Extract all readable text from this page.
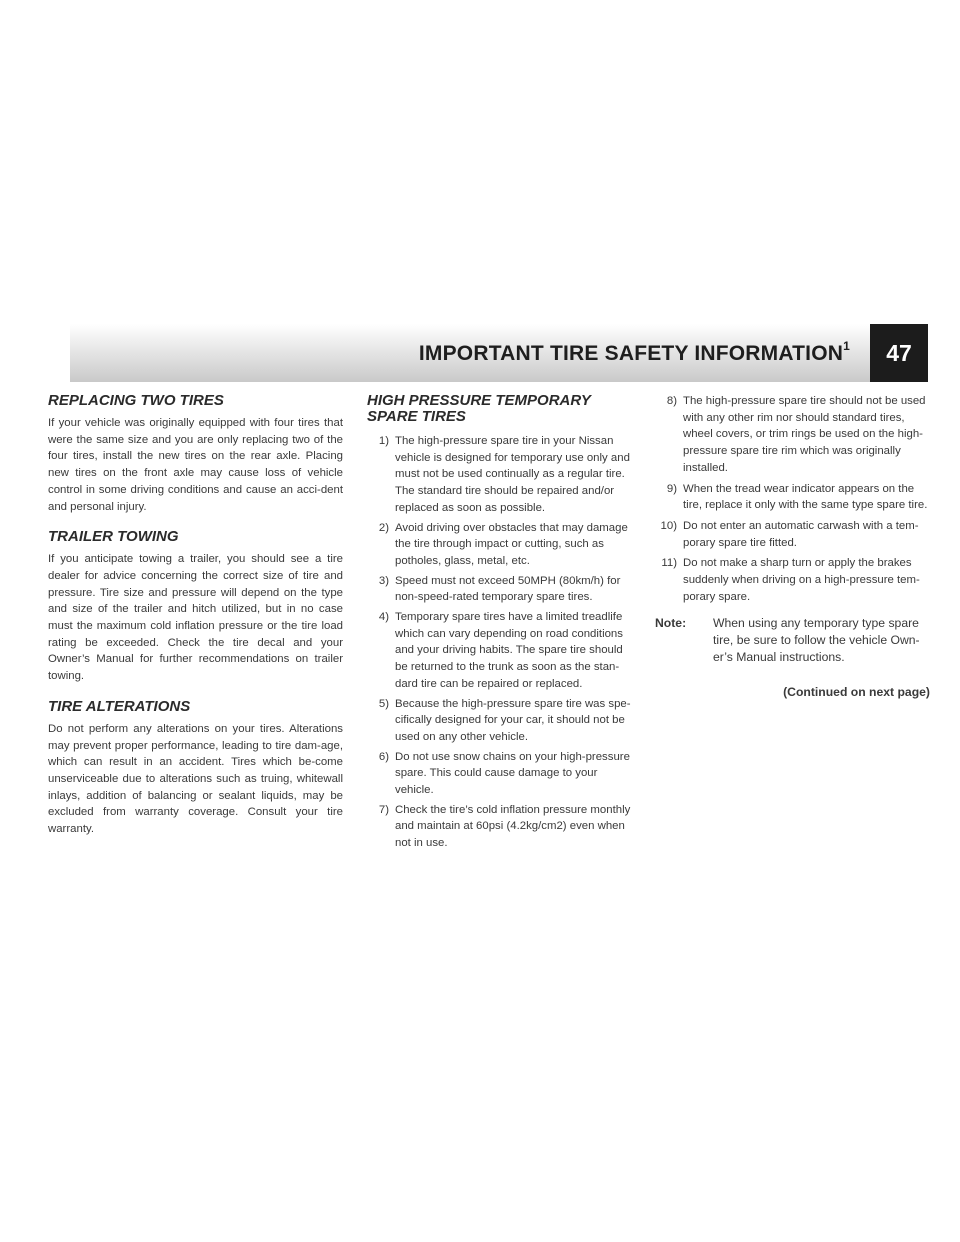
IMPORTANT TIRE SAFETY INFORMATION$^1$	47
REPLACING TWO TIRES

If your vehicle was originally equipped with four tires that were the same size and you are only replacing two of the four tires, install the new tires on the rear axle. Placing new tires on the front axle may cause loss of vehicle control in some driving conditions and cause an acci-dent and personal injury.

TRAILER TOWING

If you anticipate towing a trailer, you should see a tire dealer for advice concerning the correct size of tire and pressure. Tire size and pressure will depend on the type and size of the trailer and hitch utilized, but in no case must the maximum cold inflation pressure or the tire load rating be exceeded. Check the tire decal and your Owner’s Manual for further recommendations on trailer towing.

TIRE ALTERATIONS

Do not perform any alterations on your tires. Alterations may prevent proper performance, leading to tire dam-age, which can result in an accident. Tires which be-come unserviceable due to alterations such as truing, whitewall inlays, addition of balancing or sealant liquids, may be excluded from warranty coverage. Consult your tire warranty.

HIGH PRESSURE TEMPORARY SPARE TIRES
1) The high-pressure spare tire in your Nissan vehicle is designed for temporary use only and must not be used continually as a regular tire. The standard tire should be repaired and/or replaced as soon as possible.
2) Avoid driving over obstacles that may damage the tire through impact or cutting, such as potholes, glass, metal, etc.
3) Speed must not exceed 50MPH (80km/h) for non-speed-rated temporary spare tires.
4) Temporary spare tires have a limited treadlife which can vary depending on road conditions and your driving habits. The spare tire should be returned to the trunk as soon as the stan-dard tire can be repaired or replaced.
5) Because the high-pressure spare tire was spe-cifically designed for your car, it should not be used on any other vehicle.
6) Do not use snow chains on your high-pressure spare. This could cause damage to your vehicle.
7) Check the tire’s cold inflation pressure monthly and maintain at 60psi (4.2kg/cm2) even when not in use.
8) The high-pressure spare tire should not be used with any other rim nor should standard tires, wheel covers, or trim rings be used on the high-pressure spare tire rim which was originally installed.
9) When the tread wear indicator appears on the tire, replace it only with the same type spare tire.
10) Do not enter an automatic carwash with a tem-porary spare tire fitted.
11) Do not make a sharp turn or apply the brakes suddenly when driving on a high-pressure tem-porary spare.
Note: When using any temporary type spare tire, be sure to follow the vehicle Own-er’s Manual instructions.
(Continued on next page)
